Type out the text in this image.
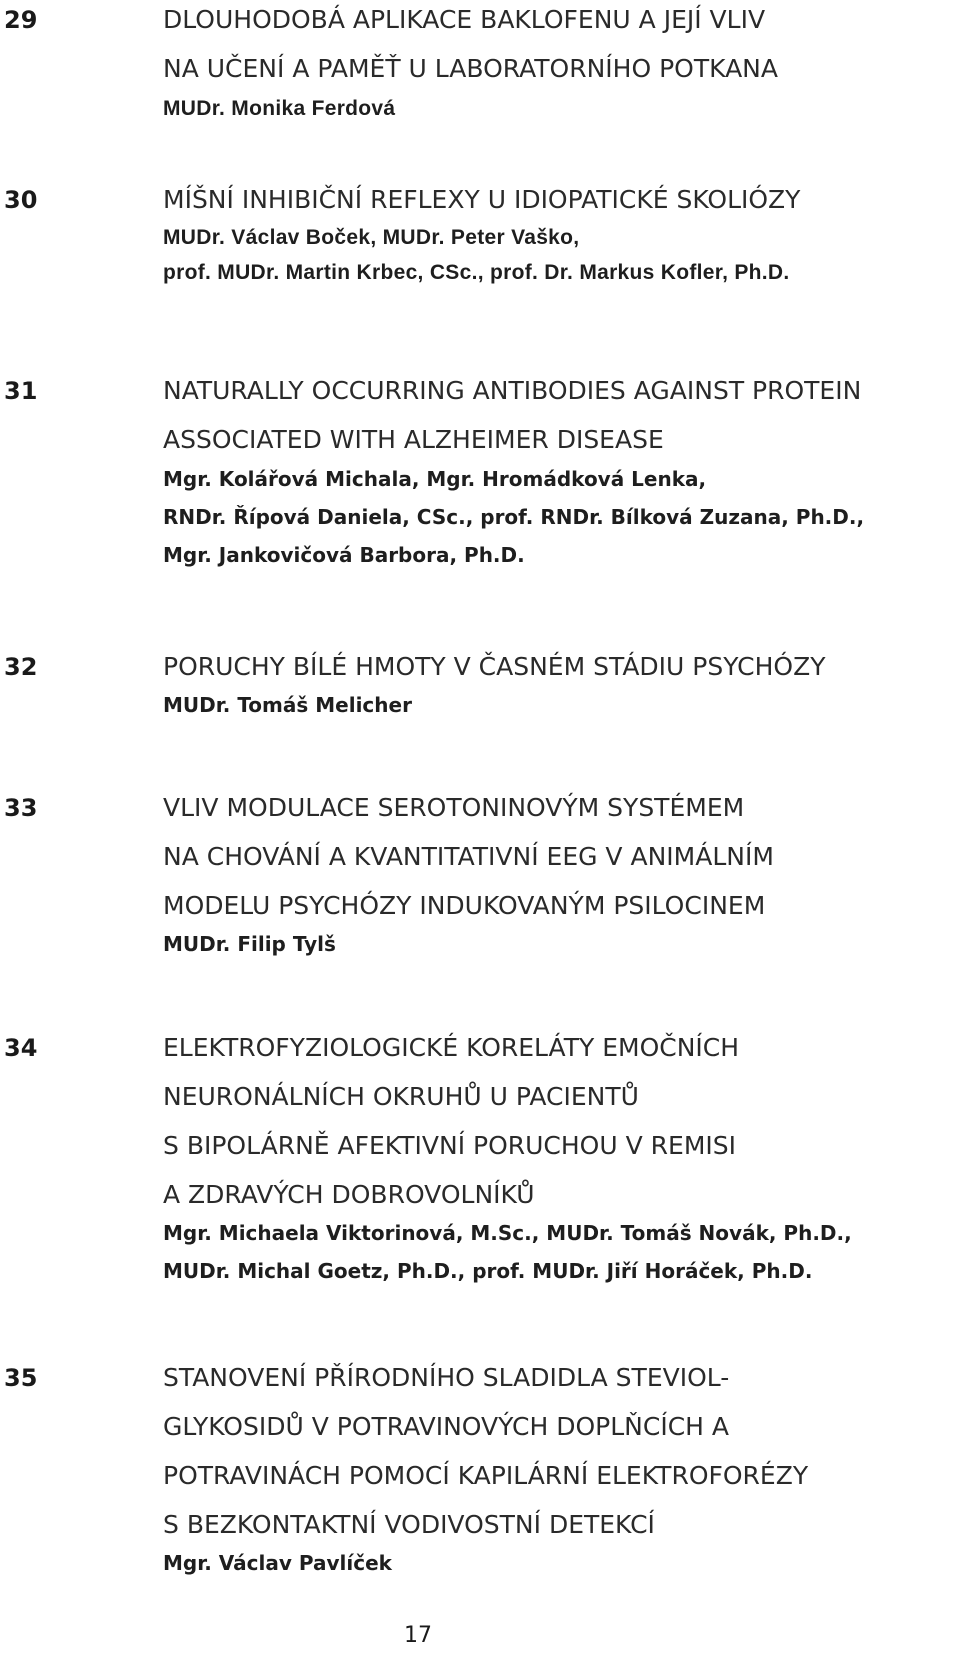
29	DLOUHODOBÁ APLIKACE BAKLOFENU A JEJÍ VLIV
NA UČENÍ A PAMĚŤ U LABORATORNÍHO POTKANA
MUDr. Monika Ferdová
30	MÍŠNÍ INHIBIČNÍ REFLEXY U IDIOPATICKÉ SKOLIÓZY
MUDr. Václav Boček, MUDr. Peter Vaško,
prof. MUDr. Martin Krbec, CSc., prof. Dr. Markus Kofler, Ph.D.
31	NATURALLY OCCURRING ANTIBODIES AGAINST PROTEIN
ASSOCIATED WITH ALZHEIMER DISEASE
Mgr. Kolářová Michala, Mgr. Hromádková Lenka,
RNDr. Řípová Daniela, CSc., prof. RNDr. Bílková Zuzana, Ph.D.,
Mgr. Jankovičová Barbora, Ph.D.
32	PORUCHY BÍLÉ HMOTY V ČASNÉM STÁDIU PSYCHÓZY
MUDr. Tomáš Melicher
33	VLIV MODULACE SEROTONINOVÝM SYSTÉMEM
NA CHOVÁNÍ A KVANTITATIVNÍ EEG V ANIMÁLNÍM
MODELU PSYCHÓZY INDUKOVANÝM PSILOCINEM
MUDr. Filip Tylš
34	ELEKTROFYZIOLOGICKÉ KORELÁTY EMOČNÍCH
NEURONÁLNÍCH OKRUHŮ U PACIENTŮ
S BIPOLÁRNĚ AFEKTIVNÍ PORUCHOU V REMISI
A ZDRAVÝCH DOBROVOLNÍKŮ
Mgr. Michaela Viktorinová, M.Sc., MUDr. Tomáš Novák, Ph.D.,
MUDr. Michal Goetz, Ph.D., prof. MUDr. Jiří Horáček, Ph.D.
35	STANOVENÍ PŘÍRODNÍHO SLADIDLA STEVIOL-
GLYKOSIDŮ V POTRAVINOVÝCH DOPLŇCÍCH A
POTRAVINÁCH POMOCÍ KAPILÁRNÍ ELEKTROFORÉZY
S BEZKONTAKTNÍ VODIVOSTNÍ DETEKCÍ
Mgr. Václav Pavlíček
17
